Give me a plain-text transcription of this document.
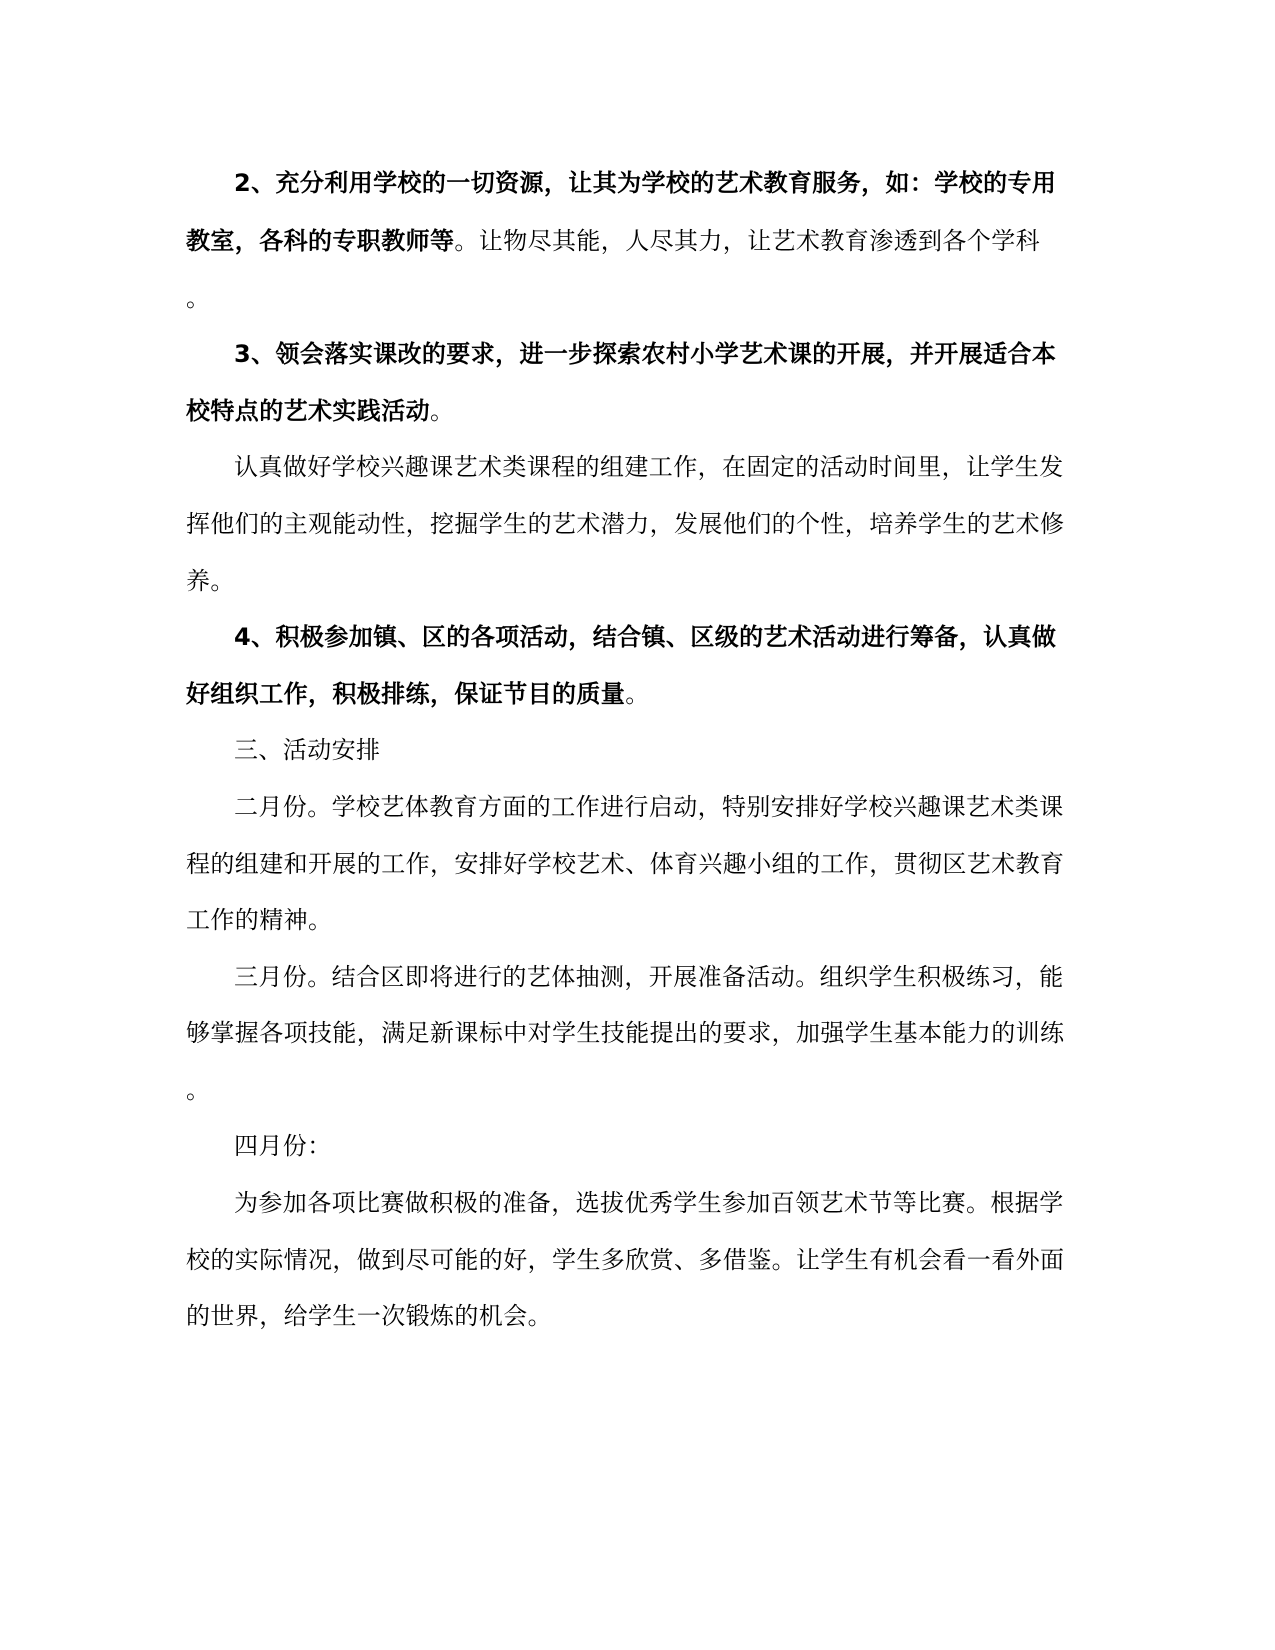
2、充分利用学校的一切资源，让其为学校的艺术教育服务，如：学校的专用
教室，各科的专职教师等。让物尽其能，人尽其力，让艺术教育渗透到各个学科
。
3、领会落实课改的要求，进一步探索农村小学艺术课的开展，并开展适合本
校特点的艺术实践活动。
认真做好学校兴趣课艺术类课程的组建工作，在固定的活动时间里，让学生发
挥他们的主观能动性，挖掘学生的艺术潜力，发展他们的个性，培养学生的艺术修
养。
4、积极参加镇、区的各项活动，结合镇、区级的艺术活动进行筹备，认真做
好组织工作，积极排练，保证节目的质量。
三、活动安排
二月份。学校艺体教育方面的工作进行启动，特别安排好学校兴趣课艺术类课
程的组建和开展的工作，安排好学校艺术、体育兴趣小组的工作，贯彻区艺术教育
工作的精神。
三月份。结合区即将进行的艺体抽测，开展准备活动。组织学生积极练习，能
够掌握各项技能，满足新课标中对学生技能提出的要求，加强学生基本能力的训练
。
四月份：
为参加各项比赛做积极的准备，选拔优秀学生参加百领艺术节等比赛。根据学
校的实际情况，做到尽可能的好，学生多欣赏、多借鉴。让学生有机会看一看外面
的世界，给学生一次锻炼的机会。
